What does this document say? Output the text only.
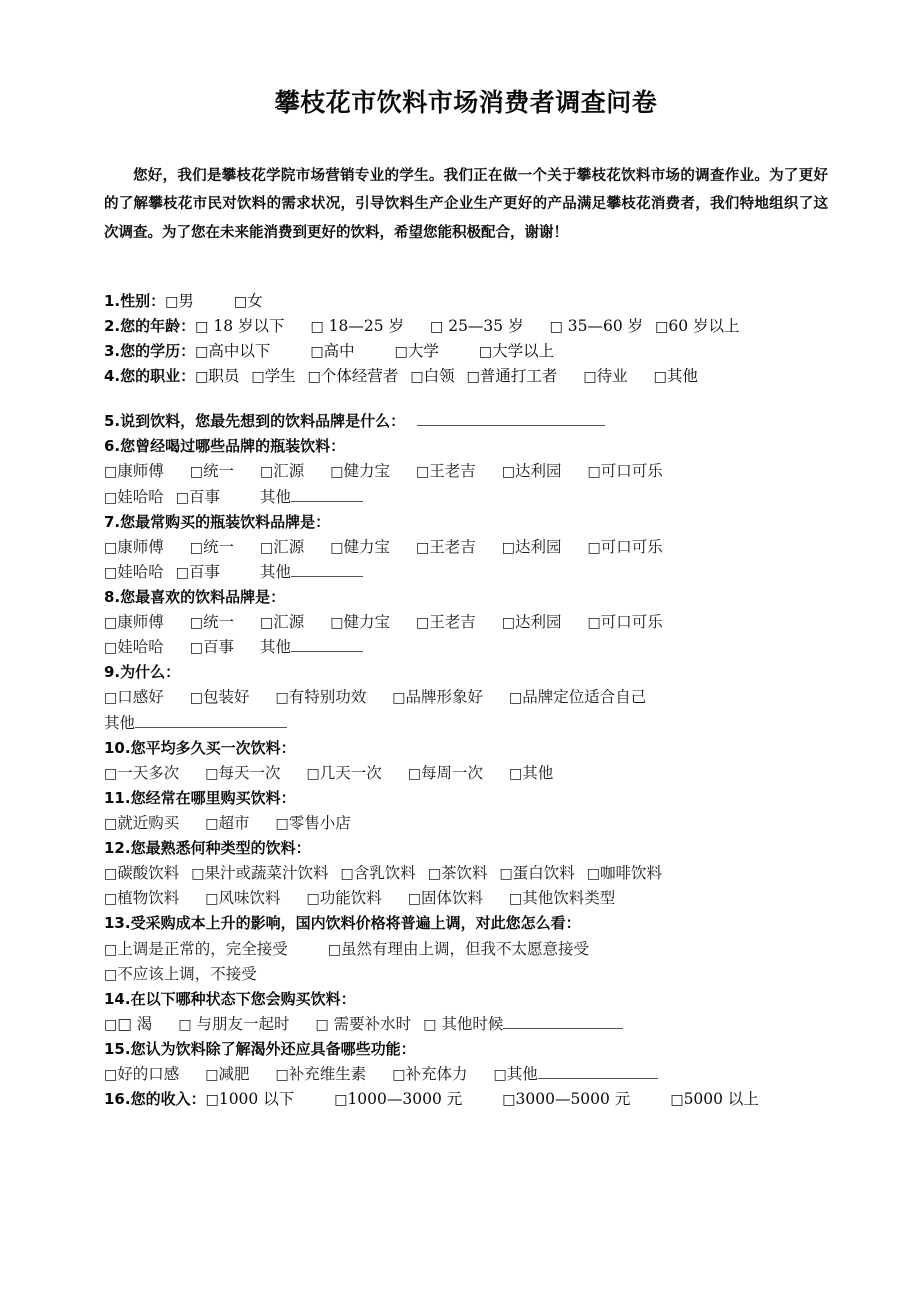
攀枝花市饮料市场消费者调查问卷

您好，我们是攀枝花学院市场营销专业的学生。我们正在做一个关于攀枝花饮料市场的调查作业。为了更好的了解攀枝花市民对饮料的需求状况，引导饮料生产企业生产更好的产品满足攀枝花消费者，我们特地组织了这次调查。为了您在未来能消费到更好的饮料，希望您能积极配合，谢谢！

1.性别：□男	□女
2.您的年龄：□ 18 岁以下 □ 18—25 岁 □ 25—35 岁 □ 35—60 岁 □60 岁以上
3.您的学历：□高中以下	□高中	□大学	□大学以上
4.您的职业：□职员 □学生 □个体经营者 □白领 □普通打工者 □待业 □其他
5.说到饮料，您最先想到的饮料品牌是什么：
6.您曾经喝过哪些品牌的瓶装饮料：
□康师傅 □统一 □汇源 □健力宝 □王老吉 □达利园 □可口可乐
□娃哈哈 □百事	其他
7.您最常购买的瓶装饮料品牌是：
□康师傅 □统一 □汇源 □健力宝 □王老吉 □达利园 □可口可乐
□娃哈哈 □百事	其他
8.您最喜欢的饮料品牌是：
□康师傅 □统一 □汇源 □健力宝 □王老吉 □达利园 □可口可乐
□娃哈哈 □百事 其他
9.为什么：
□口感好 □包装好 □有特别功效 □品牌形象好 □品牌定位适合自己
其他
10.您平均多久买一次饮料：
□一天多次 □每天一次 □几天一次 □每周一次 □其他
11.您经常在哪里购买饮料：
□就近购买 □超市 □零售小店
12.您最熟悉何种类型的饮料：
□碳酸饮料 □果汁或蔬菜汁饮料 □含乳饮料 □茶饮料 □蛋白饮料 □咖啡饮料
□植物饮料 □风味饮料 □功能饮料 □固体饮料 □其他饮料类型
13.受采购成本上升的影响，国内饮料价格将普遍上调，对此您怎么看：
□上调是正常的，完全接受	□虽然有理由上调，但我不太愿意接受
□不应该上调，不接受
14.在以下哪种状态下您会购买饮料：
□□ 渴 □ 与朋友一起时 □ 需要补水时 □ 其他时候
15.您认为饮料除了解渴外还应具备哪些功能：
□好的口感 □减肥 □补充维生素 □补充体力 □其他
16.您的收入：□1000 以下	□1000—3000 元	□3000—5000 元	□5000 以上
